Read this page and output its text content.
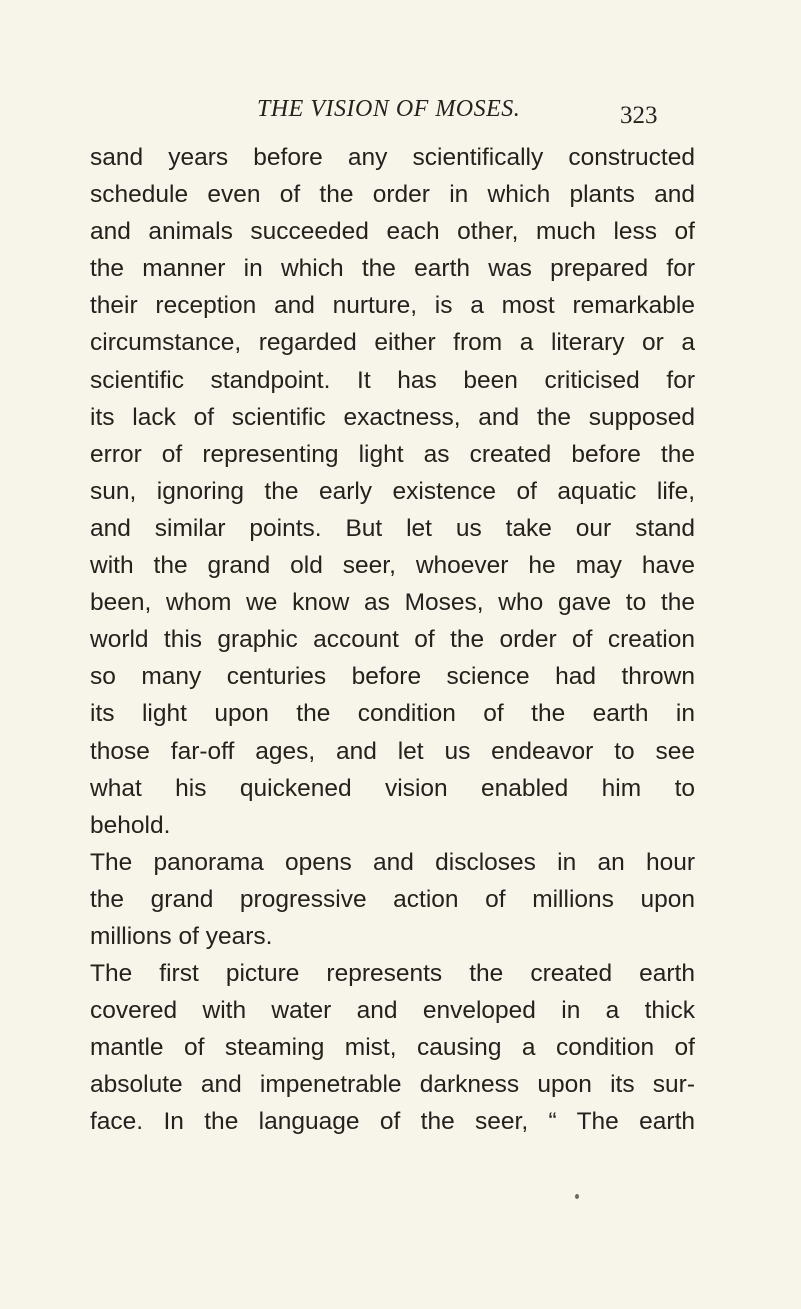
THE VISION OF MOSES.	323
sand years before any scientifically constructed
schedule even of the order in which plants and
and animals succeeded each other, much less of
the manner in which the earth was prepared for
their reception and nurture, is a most remarkable
circumstance, regarded either from a literary or a
scientific standpoint. It has been criticised for
its lack of scientific exactness, and the supposed
error of representing light as created before the
sun, ignoring the early existence of aquatic life,
and similar points. But let us take our stand
with the grand old seer, whoever he may have
been, whom we know as Moses, who gave to the
world this graphic account of the order of creation
so many centuries before science had thrown
its light upon the condition of the earth in
those far-off ages, and let us endeavor to see
what his quickened vision enabled him to
behold.
The panorama opens and discloses in an hour
the grand progressive action of millions upon
millions of years.
The first picture represents the created earth
covered with water and enveloped in a thick
mantle of steaming mist, causing a condition of
absolute and impenetrable darkness upon its sur-
face. In the language of the seer, “ The earth
